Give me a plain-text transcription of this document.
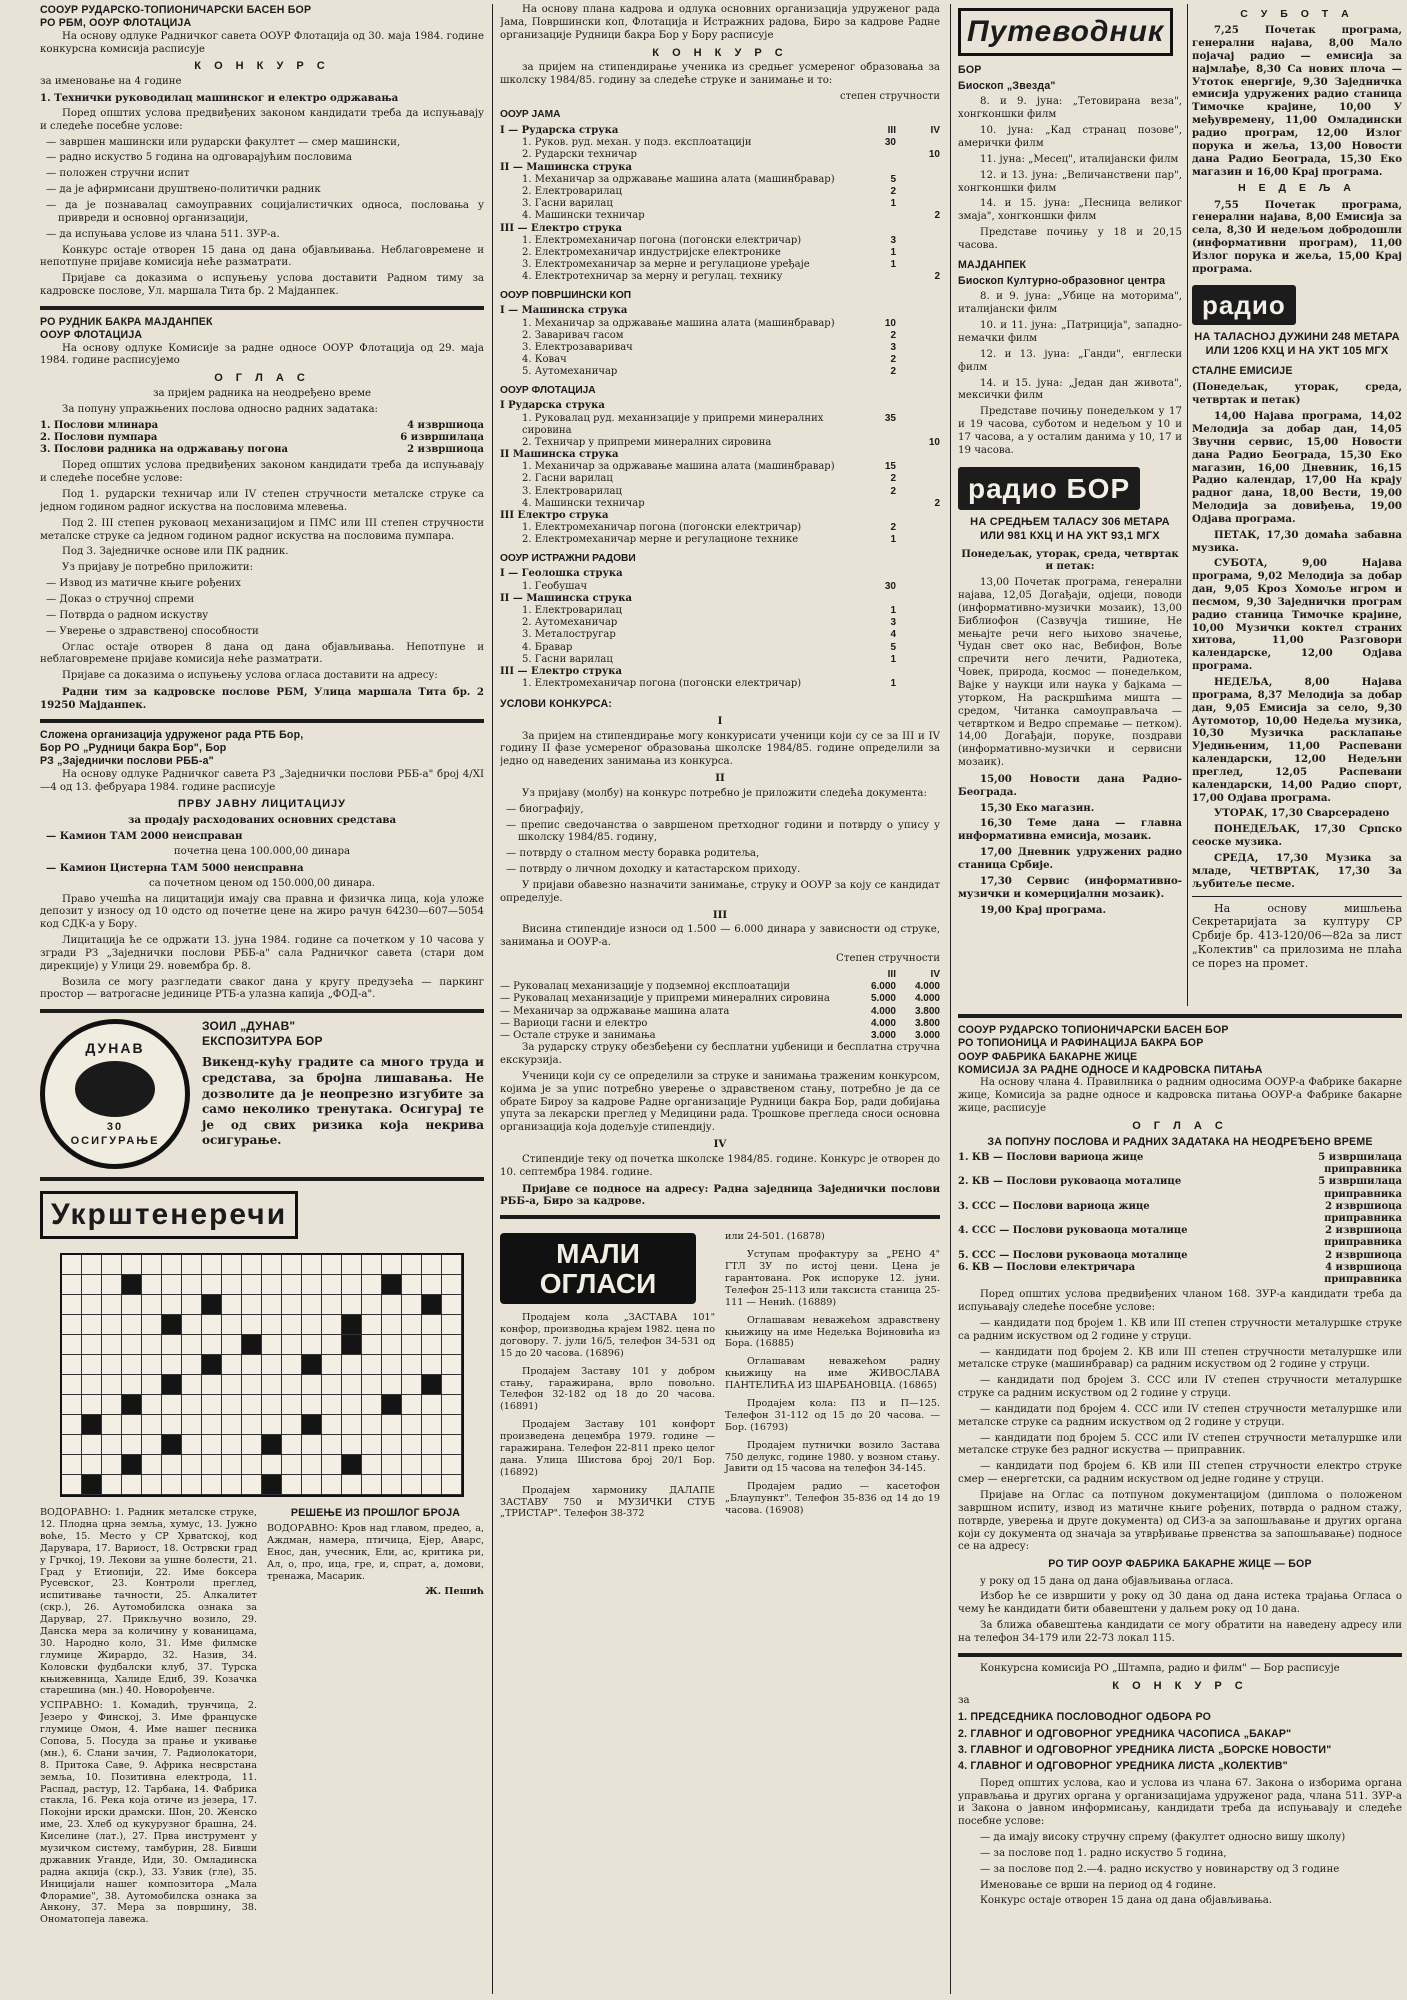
СООУР РУДАРСКО-ТОПИОНИЧАРСКИ БАСЕН БОР
РО РБМ, ООУР ФЛОТАЦИЈА

На основу одлуке Радничког савета ООУР Флотација од 30. маја 1984. године конкурсна комисија расписује

К О Н К У Р С

за именовање на 4 године

1. Технички руководилац машинског и електро одржавања

Поред општих услова предвиђених законом кандидати треба да испуњавају и следеће посебне услове:

— завршен машински или рударски факултет — смер машински,

— радно искуство 5 година на одговарајућим пословима

— положен стручни испит

— да је афирмисани друштвено-политички радник

— да је познавалац самоуправних социјалистичких односа, пословања у привреди и основној организацији,

— да испуњава услове из члана 511. ЗУР-а.

Конкурс остаје отворен 15 дана од дана објављивања. Неблаговремене и непотпуне пријаве комисија неће разматрати.

Пријаве са доказима о испуњењу услова доставити Радном тиму за кадровске послове, Ул. маршала Тита бр. 2 Мајданпек.

РО РУДНИК БАКРА МАЈДАНПЕК
ООУР ФЛОТАЦИЈА

На основу одлуке Комисије за радне односе ООУР Флотација од 29. маја 1984. године расписујемо

О Г Л А С

за пријем радника на неодређено време

За попуну упражњених послова односно радних задатака:

1. Послови млинара	4 извршиоца
2. Послови пумпара	6 извршилаца
3. Послови радника на одржавању погона	2 извршиоца

Поред општих услова предвиђених законом кандидати треба да испуњавају и следеће посебне услове:

Под 1. рударски техничар или IV степен стручности металске струке са једном годином радног искуства на пословима млевења.

Под 2. III степен руковаоц механизацијом и ПМС или III степен стручности металске струке са једном годином радног искуства на пословима пумпара.

Под 3. Заједничке основе или ПК радник.

Уз пријаву је потребно приложити:

— Извод из матичне књиге рођених

— Доказ о стручној спреми

— Потврда о радном искуству

— Уверење о здравственој способности

Оглас остаје отворен 8 дана од дана објављивања. Непотпуне и неблаговремене пријаве комисија неће разматрати.

Пријаве са доказима о испуњењу услова огласа доставити на адресу:

Радни тим за кадровске послове РБМ, Улица маршала Тита бр. 2 19250 Мајданпек.

Сложена организација удруженог рада РТБ Бор,
Бор РО „Рудници бакра Бор", Бор
РЗ „Заједнички послови РББ-а"

На основу одлуке Радничког савета РЗ „Заједнички послови РББ-а" број 4/XI—4 од 13. фебруара 1984. године расписује

ПРВУ ЈАВНУ ЛИЦИТАЦИЈУ

за продају расходованих основних средстава

— Камион ТАМ 2000 неисправан

почетна цена 100.000,00 динара

— Камион Цистерна ТАМ 5000 неисправна

са почетном ценом од 150.000,00 динара.

Право учешћа на лицитацији имају сва правна и физичка лица, која уложе депозит у износу од 10 одсто од почетне цене на жиро рачун 64230—607—5054 код СДК-а у Бору.

Лицитација ће се одржати 13. јуна 1984. године са почетком у 10 часова у згради РЗ „Заједнички послови РББ-а" сала Радничког савета (стари дом дирекције) у Улици 29. новембра бр. 8.

Возила се могу разгледати сваког дана у кругу предузећа — паркинг простор — ватрогасне јединице РТБ-а улазна капија „ФОД-а".

ДУНАВ
30
ОСИГУРАЊЕ
ЗОИЛ „ДУНАВ"
ЕКСПОЗИТУРА БОР

Викенд-кућу градите са много труда и средстава, за бројна лишавања. Не дозволите да је неопрезно изгубите за само неколико тренутака. Осигурај те је од свих ризика која некрива осигурање.

Укрштенеречи

ВОДОРАВНО: 1. Радник металске струке, 12. Плодна црна земља, хумус, 13. Јужно воће, 15. Место у СР Хрватској, код Дарувара, 17. Вариост, 18. Острвски град у Грчкој, 19. Лекови за ушне болести, 21. Град у Етиопији, 22. Име боксера Русевског, 23. Контроли преглед, испитивање тачности, 25. Алкалитет (скр.), 26. Аутомобилска ознака за Дарувар, 27. Прикључно возило, 29. Данска мера за количину у кованицама, 30. Народно коло, 31. Име филмске глумице Жирардо, 32. Назив, 34. Коловски фудбалски клуб, 37. Турска књижевница, Халиде Едиб, 39. Козачка старешина (мн.) 40. Новорођенче.

УСПРАВНО: 1. Комадић, трунчица, 2. Језеро у Финској, 3. Име француске глумице Омон, 4. Име нашег песника Сопова, 5. Посуда за прање и укивање (мн.), 6. Слани зачин, 7. Радиолокатори, 8. Притока Саве, 9. Африка несврстана земља, 10. Позитивна електрода, 11. Распад, растур, 12. Тарбана, 14. Фабрика стакла, 16. Река која отиче из језера, 17. Покојни ирски драмски. Шон, 20. Женско име, 23. Хлеб од кукурузног брашна, 24. Киселине (лат.), 27. Прва инструмент у музичком систему, тамбурин, 28. Бивши државник Уганде, Иди, 30. Омладинска радна акција (скр.), 33. Узвик (гле), 35. Иницијали нашег композитора „Мала Флорамие", 38. Аутомобилска ознака за Анкону, 37. Мера за површину, 38. Ономатопеја лавежа.

РЕШЕЊЕ ИЗ ПРОШЛОГ БРОЈА

ВОДОРАВНО: Кров над главом, предео, а, Аждман, намера, птичица, Ејер, Аварс, Енос, дан, учесник, Ели, ас, критика ри, Ал, о, про, ица, гре, и, спрат, а, домови, тренажа, Масарик.

Ж. Пешић

На основу плана кадрова и одлука основних организација удруженог рада Јама, Површински коп, Флотација и Истражних радова, Биро за кадрове Радне организације Рудници бакра Бор у Бору расписује

К О Н К У Р С

за пријем на стипендирање ученика из средњег усмереног образовања за школску 1984/85. годину за следеће струке и занимање и то:

	степен стручности
ООУР ЈАМА
I — Рударска струка	III	IV
1. Руков. руд. механ. у подз. експлоатацији	30	
2. Рударски техничар		10
II — Машинска струка		
1. Механичар за одржавање машина алата (машинбравар)	5	
2. Електроварилац	2	
3. Гасни варилац	1	
4. Машински техничар		2
III — Електро струка		
1. Електромеханичар погона (погонски електричар)	3	
2. Електромеханичар индустријске електронике	1	
3. Електромеханичар за мерне и регулационе уређаје	1	
4. Електротехничар за мерну и регулац. технику		2
ООУР ПОВРШИНСКИ КОП
I — Машинска струка		
1. Механичар за одржавање машина алата (машинбравар)	10	
2. Заваривач гасом	2	
3. Електрозаваривач	3	
4. Ковач	2	
5. Аутомеханичар	2	
ООУР ФЛОТАЦИЈА
I Рударска струка		
1. Руковалац руд. механизације у припреми минералних сировина	35	
2. Техничар у припреми минералних сировина		10
II Машинска струка		
1. Механичар за одржавање машина алата (машинбравар)	15	
2. Гасни варилац	2	
3. Електроварилац	2	
4. Машински техничар		2
III Електро струка		
1. Електромеханичар погона (погонски електричар)	2	
2. Електромеханичар мерне и регулационе технике	1	
ООУР ИСТРАЖНИ РАДОВИ
I — Геолошка струка		
1. Геобушач	30	
II — Машинска струка		
1. Електроварилац	1	
2. Аутомеханичар	3	
3. Металостругар	4	
4. Бравар	5	
5. Гасни варилац	1	
III — Електро струка		
1. Електромеханичар погона (погонски електричар)	1	

УСЛОВИ КОНКУРСА:

I

За пријем на стипендирање могу конкурисати ученици који су се за III и IV годину II фазе усмереног образовања школске 1984/85. године определили за једно од наведених занимања из конкурса.

II

Уз пријаву (молбу) на конкурс потребно је приложити следећа документа:

— биографију,

— препис сведочанства о завршеном претходног години и потврду о упису у школску 1984/85. годину,

— потврду о сталном месту боравка родитеља,

— потврду о личном доходку и катастарском приходу.

У пријави обавезно назначити занимање, струку и ООУР за коју се кандидат определујe.

III

Висина стипендије износи од 1.500 — 6.000 динара у зависности од струке, занимања и ООУР-а.

Степен стручности

	III	IV
— Руковалац механизације у подземној експлоатацији	6.000	4.000
— Руковалац механизације у припреми минералних сировина	5.000	4.000
— Механичар за одржавање машина алата	4.000	3.800
— Вариоци гасни и електро	4.000	3.800
— Остале струке и занимања	3.000	3.000

За рударску струку обезбеђени су бесплатни уџбеници и бесплатна стручна екскурзија.

Ученици који су се определили за струке и занимања траженим конкурсом, којима је за упис потребно уверење о здравственом стању, потребно је да се обрате Бироу за кадрове Радне организације Рудници бакра Бор, ради добијања упута за лекарски преглед у Медицини рада. Трошкове прегледа сноси основна организација која додељује стипендију.

IV

Стипендије теку од почетка школске 1984/85. године. Конкурс је отворен до 10. септембра 1984. године.

Пријаве се подносе на адресу: Радна заједница Заједнички послови РББ-а, Биро за кадрове.

МАЛИ ОГЛАСИ

Продајем кола „ЗАСТАВА 101" конфор, производња крајем 1982. цена по договору. 7. јули 16/5, телефон 34-531 од 15 до 20 часова. (16896)

Продајем Заставу 101 у добром стању, гаражирана, врло повољно. Телефон 32-182 од 18 до 20 часова. (16891)

Продајем Заставу 101 конфорт произведена децембра 1979. године — гаражирана. Телефон 22-811 преко целог дана. Улица Шистова број 20/1 Бор. (16892)

Продајем хармонику ДАЛАПЕ ЗАСТАВУ 750 и МУЗИЧКИ СТУБ „ТРИСТАР". Телефон 38-372

или 24-501. (16878)

Уступам профактуру за „РЕНО 4" ГТЛ ЗУ по истој цени. Цена је гарантована. Рок испоруке 12. јуни. Телефон 25-113 или таксиста станица 25-111 — Ненић. (16889)

Оглашавам неважећом здравствену књижицу на име Недељка Војиновића из Бора. (16885)

Оглашавам неважећом радну књижицу на име ЖИВОСЛАВА ПАНТЕЛИЋА ИЗ ШАРБАНОВЦА. (16865)

Продајем кола: П3 и П—125. Телефон 31-112 од 15 до 20 часова. — Бор. (16793)

Продајем путнички возило Застава 750 делукс, године 1980. у возном стању. Јавити од 15 часова на телефон 34-145.

Продајем радио — касетофон „Блаупункт". Телефон 35-836 од 14 до 19 часова. (16908)

Путеводник

БОР

Биоскоп „Звезда"

8. и 9. јуна: „Тетовирана веза", хонгконшки филм

10. јуна: „Кад странац позове", амерички филм

11. јуна: „Месец", италијански филм

12. и 13. јуна: „Величанствени пар", хонгконшки филм

14. и 15. јуна: „Песница великог змаја", хонгконшки филм

Представе почињу у 18 и 20,15 часова.

МАЈДАНПЕК

Биоскоп Културно-образовног центра

8. и 9. јуна: „Убице на моторима", италијански филм

10. и 11. јуна: „Патриција", западно-немачки филм

12. и 13. јуна: „Ганди", енглески филм

14. и 15. јуна: „Један дан живота", мексички филм

Представе почињу понедељком у 17 и 19 часова, суботом и недељом у 10 и 17 часова, а у осталим данима у 10, 17 и 19 часова.

радио БОР

НА СРЕДЊЕМ ТАЛАСУ 306 МЕТАРА ИЛИ 981 КХЦ И НА УКТ 93,1 МГХ

Понедељак, уторак, среда, четвртак и петак:

13,00 Почетак програма, генерални најава, 12,05 Догађаји, одјеци, поводи (информативно-музички мозаик), 13,00 Библиофон (Сазвучја тишине, Не мењајте речи него њихово значење, Чудан свет око нас, Вебифон, Воље спречити него лечити, Радиотека, Човек, природа, космос — понедељком, Вајке у наукци или наука у бајкама — уторком, На раскршћима мишта — средом, Читанка самоупрaвљача — четвртком и Ведро спремање — петком). 14,00 Догађаји, поруке, поздрави (информативно-музички и сервисни мозаик).

15,00 Новости дана Радио-Београда.

15,30 Еко магазин.

16,30 Теме дана — главна информативна емисија, мозаик.

17,00 Дневник удружених радио станица Србије.

17,30 Сервис (информативно-музички и комерцијални мозаик).

19,00 Крај програма.

С У Б О Т А

7,25 Почетак програма, генерални најава, 8,00 Мало појачај радио — емисија за најмлађе, 8,30 Са нових плоча — Утоток енергије, 9,30 Заједничка емисија удружених радио станица Тимочке крајине, 10,00 У међувремену, 11,00 Омладински радио програм, 12,00 Излог порука и жеља, 13,00 Новости дана Радио Београда, 15,30 Еко магазин и 16,00 Крај програма.

Н Е Д Е Љ А

7,55 Почетак програма, генерални најава, 8,00 Емисија за села, 8,30 И недељом добродошли (информативни програм), 11,00 Излог порука и жеља, 15,00 Крај програма.

радио

НА ТАЛАСНОЈ ДУЖИНИ 248 МЕТАРА ИЛИ 1206 КХЦ И НА УКТ 105 МГХ

СТАЛНЕ ЕМИСИЈЕ

(Понедељак, уторак, среда, четвртак и петак)

14,00 Најава програма, 14,02 Мелодија за добар дан, 14,05 Звучни сервис, 15,00 Новости дана Радио Београда, 15,30 Еко магазин, 16,00 Дневник, 16,15 Радио календар, 17,00 На крају радног дана, 18,00 Вести, 19,00 Мелодија за довиђења, 19,00 Одјава програма.

ПЕТАК, 17,30 домаћа забавна музика.

СУБОТА, 9,00 Најава програма, 9,02 Мелодија за добар дан, 9,05 Кроз Хомоље игром и песмом, 9,30 Заједнички програм радио станица Тимочке крајине, 10,00 Музички коктел страних хитова, 11,00 Разговори календарске, 12,00 Одјава програма.

НЕДЕЉА, 8,00 Најава програма, 8,37 Мелодија за добар дан, 9,05 Емисија за село, 9,30 Аутомотор, 10,00 Недеља музика, 10,30 Музичка расклапање Уједињеним, 11,00 Распевани календарски, 12,00 Недељни преглед, 12,05 Распевани календарски, 14,00 Радио спорт, 17,00 Одјава програма.

УТОРАК, 17,30 Сварсерадено

ПОНЕДЕЉАК, 17,30 Српско сеоске музика.

СРЕДА, 17,30 Музика за младе, ЧЕТВРТАК, 17,30 За љубитеље песме.

На основу мишљења Секретаријата за културу СР Србије бр. 413-120/06—82а за лист „Колектив" са прилозима не плаћа се порез на промет.

СООУР РУДАРСКО ТОПИОНИЧАРСКИ БАСЕН БОР
РО ТОПИОНИЦА И РАФИНАЦИЈА БАКРА БОР
ООУР ФАБРИКА БАКАРНЕ ЖИЦЕ
КОМИСИЈА ЗА РАДНЕ ОДНОСЕ И КАДРОВСКА ПИТАЊА

На основу члана 4. Правилника о радним односима ООУР-а Фабрике бакарне жице, Комисија за радне односе и кадровска питања ООУР-а Фабрике бакарне жице, расписује

О Г Л А С

ЗА ПОПУНУ ПОСЛОВА И РАДНИХ ЗАДАТАКА НА НЕОДРЕЂЕНО ВРЕМЕ

1. КВ — Послови вариоца жице	5 извршилаца
приправника
2. КВ — Послови руковаоца моталице	5 извршилаца
приправника
3. ССС — Послови вариоца жице	2 извршиоца
приправника
4. ССС — Послови руковаоца моталице	2 извршиоца
приправника
5. ССС — Послови руковаоца моталице	2 извршиоца
6. КВ — Послови електричара	4 извршиоца
приправника

Поред општих услова предвиђених чланом 168. ЗУР-а кандидати треба да испуњавају следеће посебне услове:

— кандидати под бројем 1. КВ или III степен стручности металуршке струке са радним искуством од 2 године у струци.

— кандидати под бројем 2. КВ или III степен стручности металуршке или металске струке (машинбравар) са радним искуством од 2 године у струци.

— кандидати под бројем 3. ССС или IV степен стручности металуршке струке са радним искуством од 2 године у струци.

— кандидати под бројем 4. ССС или IV степен стручности металуршке или металске струке са радним искуством од 2 године у струци.

— кандидати под бројем 5. ССС или IV степен стручности металуршке или металске струке без радног искуства — приправник.

— кандидати под бројем 6. КВ или III степен стручности електро струке смер — енергетски, са радним искуством од једне године у струци.

Пријаве на Оглас са потпуном документацијом (диплома о положеном завршном испиту, извод из матичне књиге рођених, потврдa о радном стажу, потврде, уверења и друге документа) од СИЗ-а за запошљавање и других органа који су документа од значаја за утврђивање првенства за запошљавање) подносе се на адресу:

РО ТИР ООУР ФАБРИКА БАКАРНЕ ЖИЦЕ — БОР

у року од 15 дана од дана објављивања огласа.

Избор ће се извршити у року од 30 дана од дана истека трајања Огласа о чему ће кандидати бити обавештени у дальем року од 10 дана.

За ближа обавештења кандидати се могу обратити на наведену адресу или на телефон 34-179 или 22-73 локал 115.

Конкурсна комисија РО „Штампа, радио и филм" — Бор расписује

К О Н К У Р С

за

1. ПРЕДСЕДНИКА ПОСЛОВОДНОГ ОДБОРА РО

2. ГЛАВНОГ И ОДГОВОРНОГ УРЕДНИКА ЧАСОПИСА „БАКАР"

3. ГЛАВНОГ И ОДГОВОРНОГ УРЕДНИКА ЛИСТА „БОРСКЕ НОВОСТИ"

4. ГЛАВНОГ И ОДГОВОРНОГ УРЕДНИКА ЛИСТА „КОЛЕКТИВ"

Поред општих услова, као и услова из члана 67. Закона о изборима органа управљања и других органа у организацијама удруженог рада, члана 511. ЗУР-а и Закона о јавном информисању, кандидати треба да испуњавају и следеће посебне услове:

— да имају високу стручну спрему (факултет односно вишу школу)

— за послове под 1. радно искуство 5 година,

— за послове под 2.—4. радно искуство у новинарству од 3 године

Именовање се врши на период од 4 године.

Конкурс остаје отворен 15 дана од дана објављивања.
